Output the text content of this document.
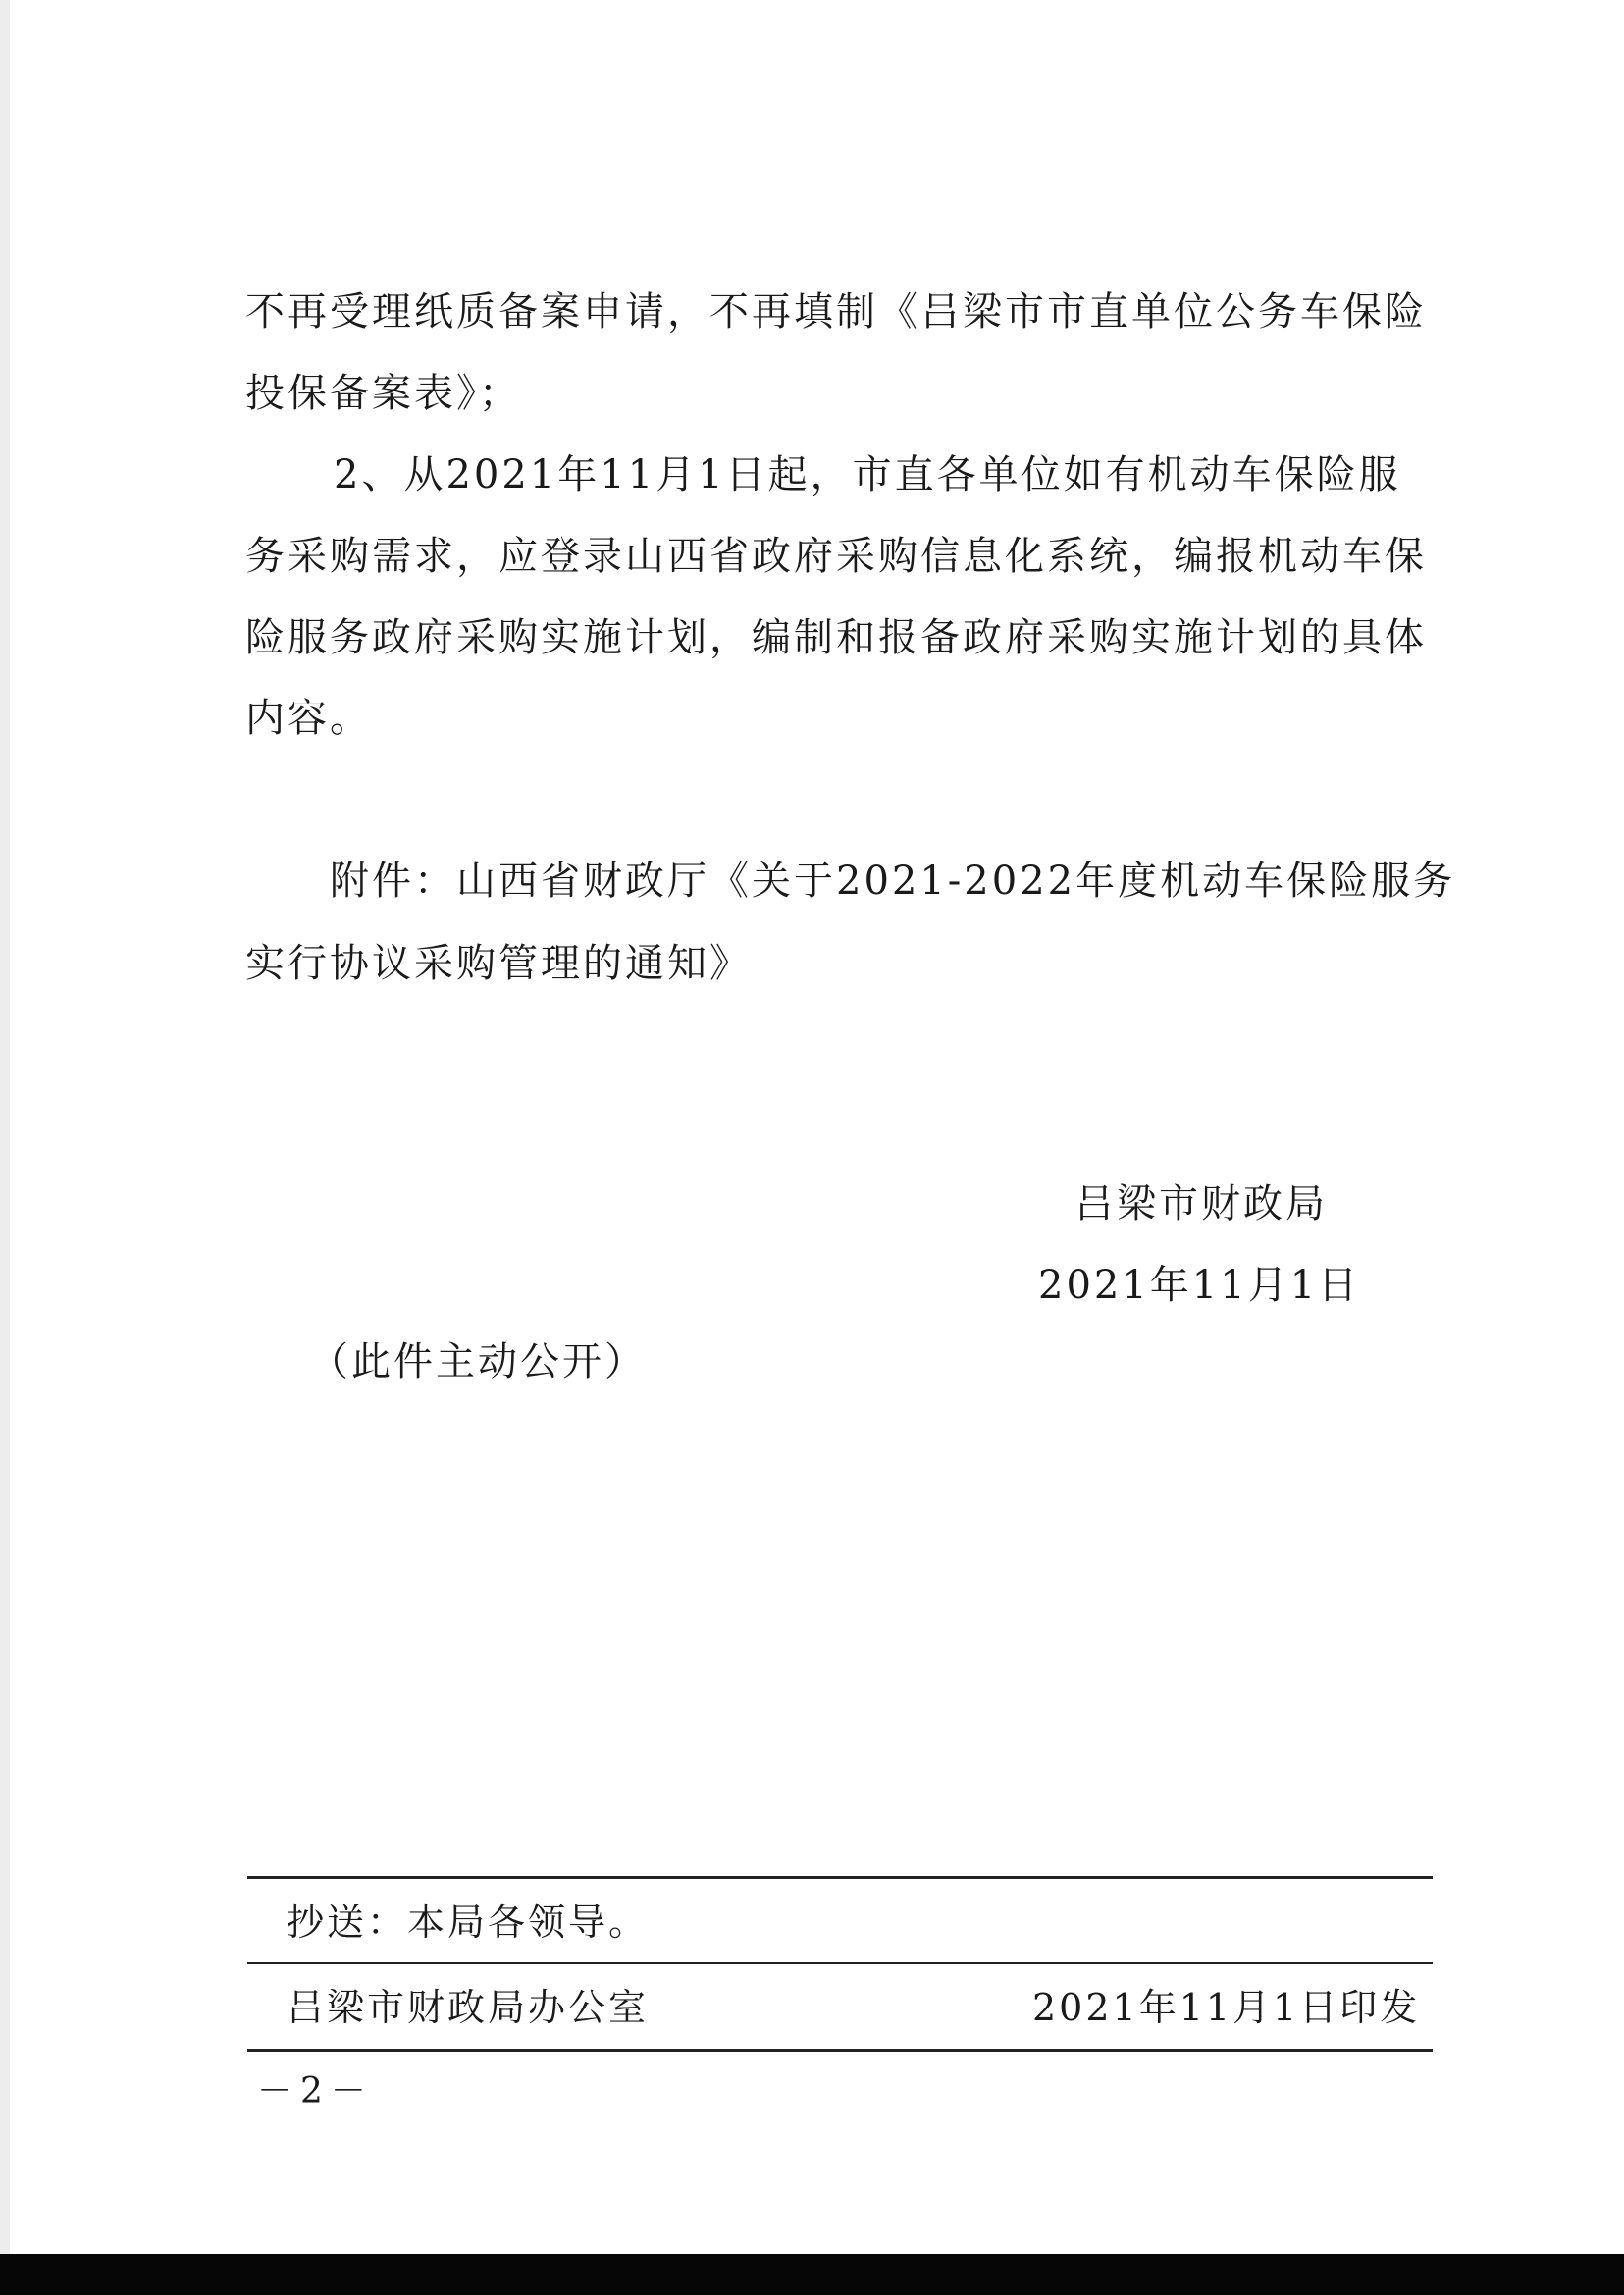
不再受理纸质备案申请，不再填制《吕梁市市直单位公务车保险
投保备案表》；
2、从2021年11月1日起，市直各单位如有机动车保险服
务采购需求，应登录山西省政府采购信息化系统，编报机动车保
险服务政府采购实施计划，编制和报备政府采购实施计划的具体
内容。
附件：山西省财政厅《关于2021-2022年度机动车保险服务
实行协议采购管理的通知》
吕梁市财政局
2021年11月1日
（此件主动公开）
抄送：本局各领导。
吕梁市财政局办公室	2021年11月1日印发
－2－
